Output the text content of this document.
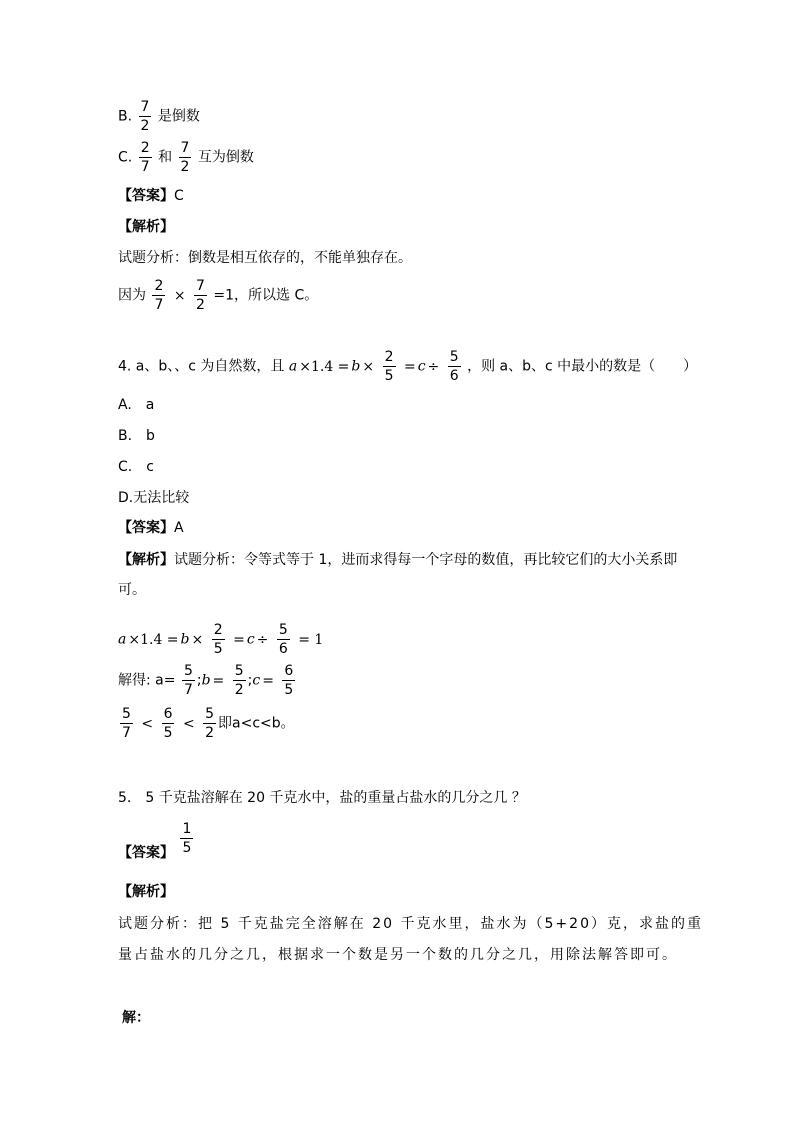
B. $\frac{7}{2}$ 是倒数
C. $\frac{2}{7}$ 和 $\frac{7}{2}$ 互为倒数
【答案】C
【解析】
试题分析：倒数是相互依存的，不能单独存在。
因为 $\frac{2}{7} \times \frac{7}{2} =1$，所以选 C。
4. a、b、、c 为自然数，且 $a \times 1.4 = b \times \frac{2}{5} = c \div \frac{5}{6}$ ，则 a、b、c 中最小的数是（　　）
A.　a
B.　b
C.　c
D.无法比较
【答案】A
【解析】试题分析：令等式等于 1，进而求得每一个字母的数值，再比较它们的大小关系即
可。
$a \times 1.4 = b \times \frac{2}{5} = c \div \frac{5}{6} = 1$
解得: $a= \frac{5}{7}$ ;b = $\frac{5}{2}$ ;c = $\frac{6}{5}$
$\frac{5}{7} < \frac{6}{5} < \frac{5}{2}$ 即a<c<b。
5.　5 千克盐溶解在 20 千克水中，盐的重量占盐水的几分之几 ？
【答案】 $\frac{1}{5}$
【解析】
试题分析：把 5 千克盐完全溶解在 20 千克水里，盐水为（5+20）克，求盐的重
量占盐水的几分之几，根据求一个数是另一个数的几分之几，用除法解答即可。
解：
